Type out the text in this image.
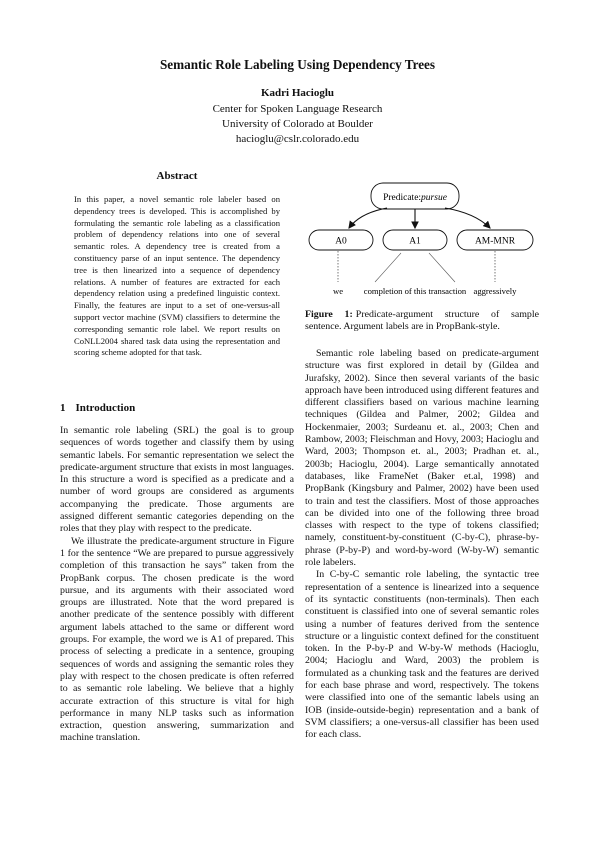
Semantic Role Labeling Using Dependency Trees
Kadri Hacioglu
Center for Spoken Language Research
University of Colorado at Boulder
hacioglu@cslr.colorado.edu
Abstract
In this paper, a novel semantic role labeler based on dependency trees is developed. This is accomplished by formulating the semantic role labeling as a classification problem of dependency relations into one of several semantic roles. A dependency tree is created from a constituency parse of an input sentence. The dependency tree is then linearized into a sequence of dependency relations. A number of features are extracted for each dependency relation using a predefined linguistic context. Finally, the features are input to a set of one-versus-all support vector machine (SVM) classifiers to determine the corresponding semantic role label. We report results on CoNLL2004 shared task data using the representation and scoring scheme adopted for that task.
1 Introduction

In semantic role labeling (SRL) the goal is to group sequences of words together and classify them by using semantic labels. For semantic representation we select the predicate-argument structure that exists in most languages. In this structure a word is specified as a predicate and a number of word groups are considered as arguments accompanying the predicate. Those arguments are assigned different semantic categories depending on the roles that they play with respect to the predicate.

We illustrate the predicate-argument structure in Figure 1 for the sentence “We are prepared to pursue aggressively completion of this transaction he says” taken from the PropBank corpus. The chosen predicate is the word pursue, and its arguments with their associated word groups are illustrated. Note that the word prepared is another predicate of the sentence possibly with different argument labels attached to the same or different word groups. For example, the word we is A1 of prepared. This process of selecting a predicate in a sentence, grouping sequences of words and assigning the semantic roles they play with respect to the chosen predicate is often referred to as semantic role labeling. We believe that a highly accurate extraction of this structure is vital for high performance in many NLP tasks such as information extraction, question answering, summarization and machine translation.

Predicate:pursue
A0	A1	AM-MNR
we completion of this transaction aggressively
Figure 1: Predicate-argument structure of sample sentence. Argument labels are in PropBank-style.

Semantic role labeling based on predicate-argument structure was first explored in detail by (Gildea and Jurafsky, 2002). Since then several variants of the basic approach have been introduced using different features and different classifiers based on various machine learning techniques (Gildea and Palmer, 2002; Gildea and Hockenmaier, 2003; Surdeanu et. al., 2003; Chen and Rambow, 2003; Fleischman and Hovy, 2003; Hacioglu and Ward, 2003; Thompson et. al., 2003; Pradhan et. al., 2003b; Hacioglu, 2004). Large semantically annotated databases, like FrameNet (Baker et.al, 1998) and PropBank (Kingsbury and Palmer, 2002) have been used to train and test the classifiers. Most of those approaches can be divided into one of the following three broad classes with respect to the type of tokens classified; namely, constituent-by-constituent (C-by-C), phrase-by-phrase (P-by-P) and word-by-word (W-by-W) semantic role labelers.

In C-by-C semantic role labeling, the syntactic tree representation of a sentence is linearized into a sequence of its syntactic constituents (non-terminals). Then each constituent is classified into one of several semantic roles using a number of features derived from the sentence structure or a linguistic context defined for the constituent token. In the P-by-P and W-by-W methods (Hacioglu, 2004; Hacioglu and Ward, 2003) the problem is formulated as a chunking task and the features are derived for each base phrase and word, respectively. The tokens were classified into one of the semantic labels using an IOB (inside-outside-begin) representation and a bank of SVM classifiers; a one-versus-all classifier has been used for each class.
